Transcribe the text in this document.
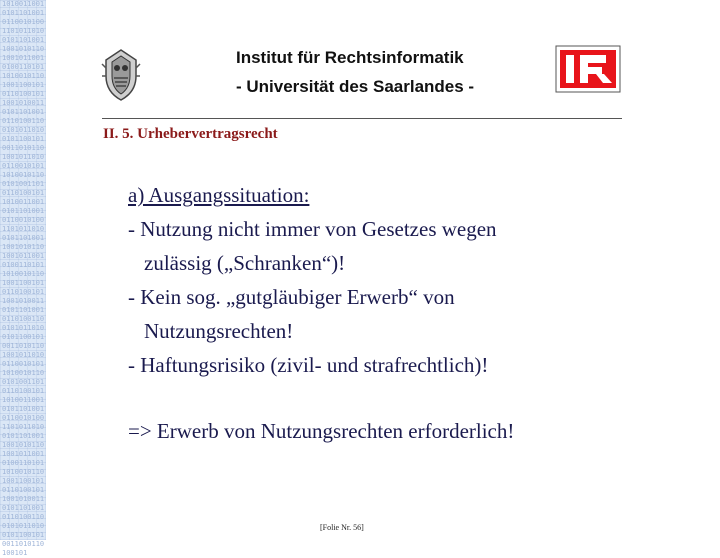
1010011001010110100101100101001101011010010110100110010101101001011001010011010110100101101001100101011010010110010100110101101001011010011001010110100101100101001101011010010110100110010101101001011001010011010110100101101001100101011010010110010100110101101001011010011001010110100101100101001101011010010110100110010101101001011001010011010110100101101001100101011010010110010100110101101001011010011001010110100101100101001101011010010110100110010101101001011001010011010110100101101001100101011010010110010100110101101001011010011001010110100101100101001101011010010110100110010101101001011001010011010110100101
Institut für Rechtsinformatik
- Universität des Saarlandes -
II. 5. Urhebervertragsrecht
a) Ausgangssituation:
- Nutzung nicht immer von Gesetzes wegen
zulässig („Schranken“)!
- Kein sog. „gutgläubiger Erwerb“ von
Nutzungsrechten!
- Haftungsrisiko (zivil- und strafrechtlich)!

=> Erwerb von Nutzungsrechten erforderlich!

[Folie Nr. 56]
